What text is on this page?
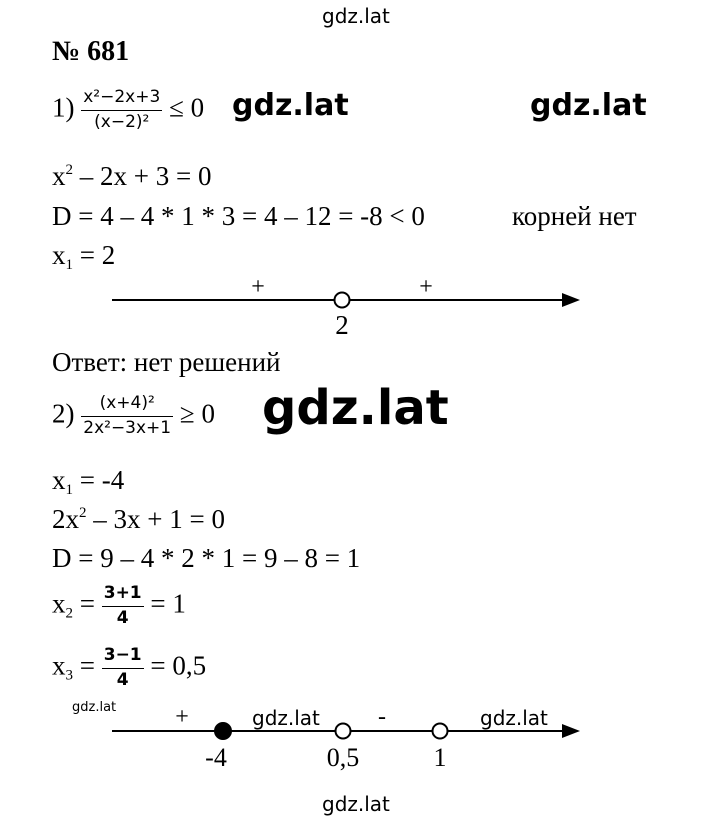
gdz.lat
№ 681
$1) \frac{\text{x²−2x+3}}{\text{(x−2)²}} \le 0$ gdz.lat	gdz.lat
$x^2 - 2x + 3 = 0$
D = 4 – 4 * 1 * 3 = 4 – 12 = -8 < 0	корней нет
$x_1 = 2$
+	+
2
Ответ: нет решений
$2) \frac{\text{(x+4)²}}{\text{2x²−3x+1}} \ge 0$ gdz.lat
$x_1 = -4$
$2x^2 - 3x + 1 = 0$
D = 9 – 4 * 2 * 1 = 9 – 8 = 1
$x_2 = \frac{3+1}{4} = 1$
$x_3 = \frac{3-1}{4} = 0,5$
gdz.lat	gdz.lat	gdz.lat
+	-
-4	0,5	1
gdz.lat
